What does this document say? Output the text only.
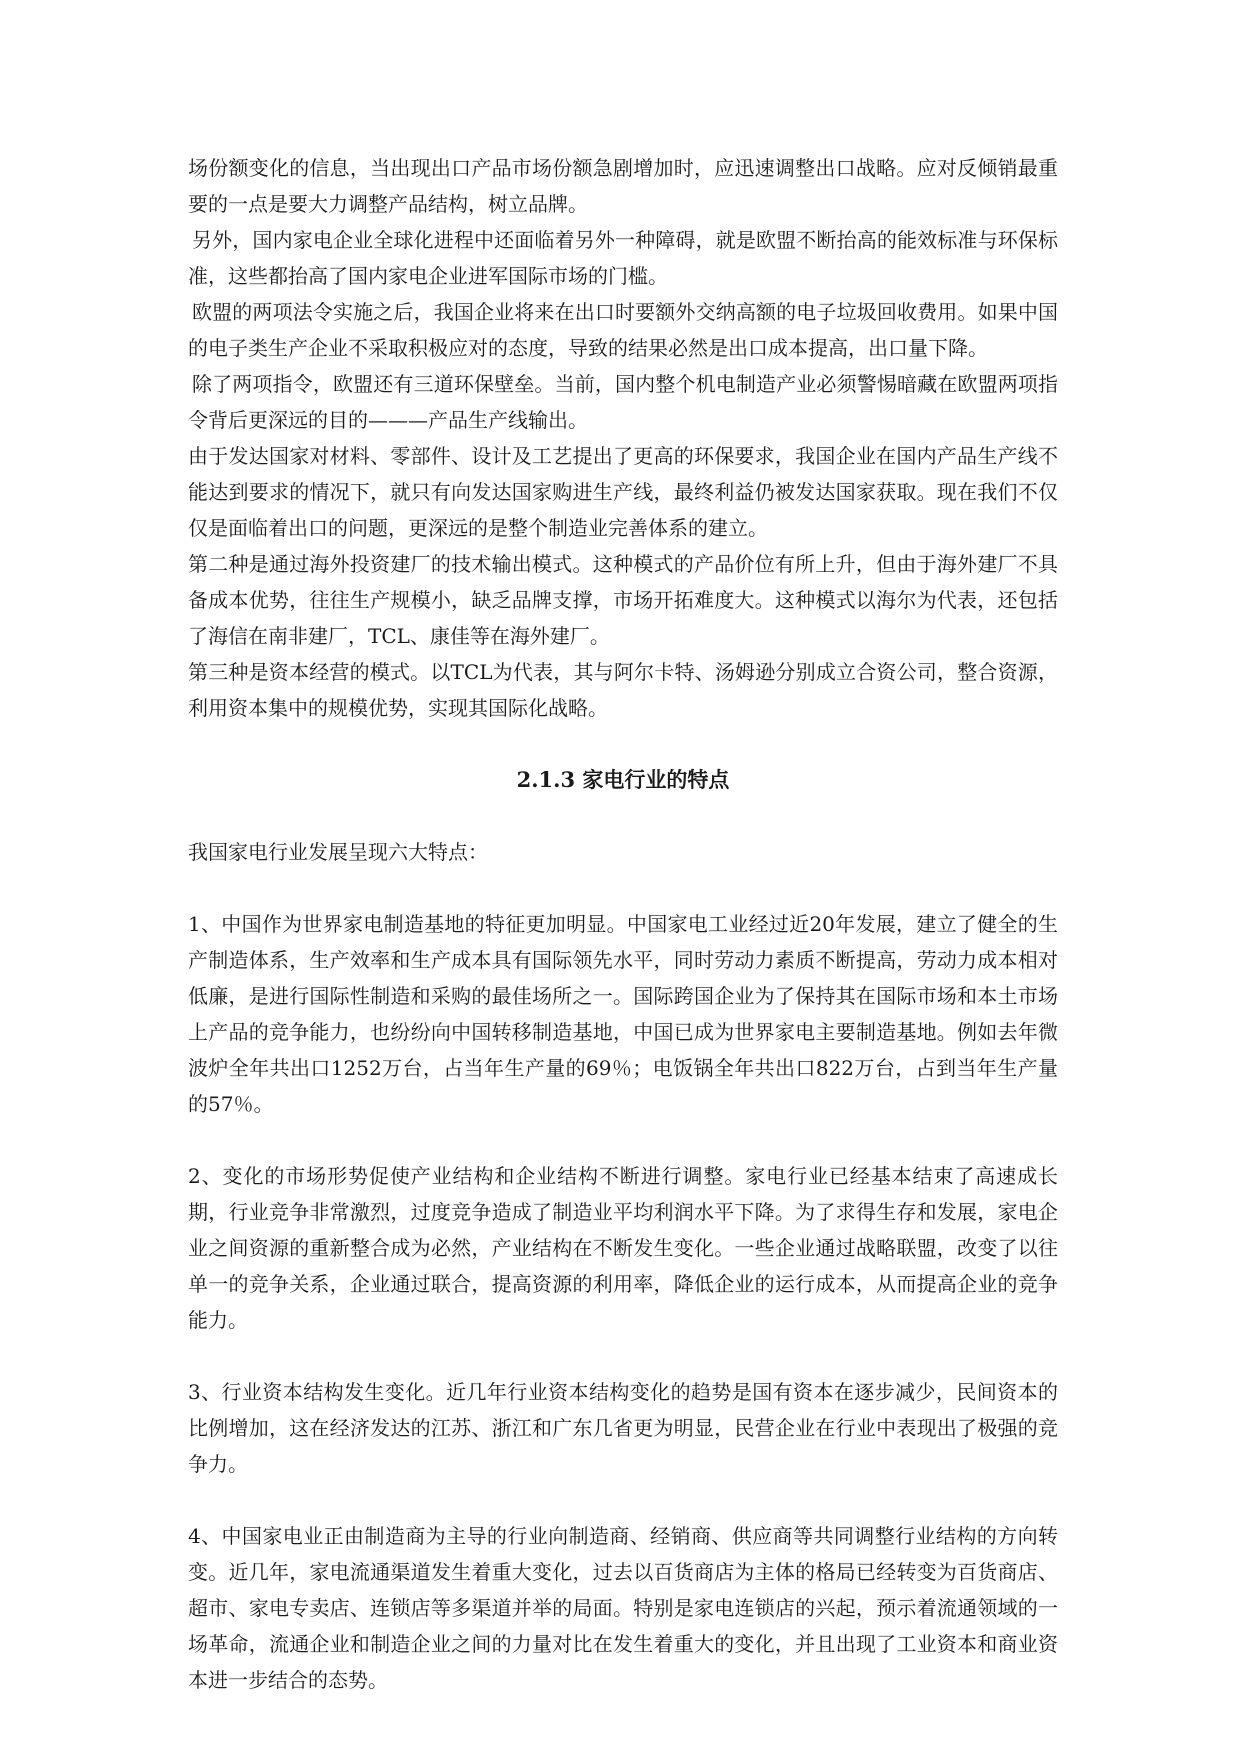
场份额变化的信息，当出现出口产品市场份额急剧增加时，应迅速调整出口战略。应对反倾销最重要的一点是要大力调整产品结构，树立品牌。

另外，国内家电企业全球化进程中还面临着另外一种障碍，就是欧盟不断抬高的能效标准与环保标准，这些都抬高了国内家电企业进军国际市场的门槛。

欧盟的两项法令实施之后，我国企业将来在出口时要额外交纳高额的电子垃圾回收费用。如果中国的电子类生产企业不采取积极应对的态度，导致的结果必然是出口成本提高，出口量下降。

除了两项指令，欧盟还有三道环保壁垒。当前，国内整个机电制造产业必须警惕暗藏在欧盟两项指令背后更深远的目的———产品生产线输出。

由于发达国家对材料、零部件、设计及工艺提出了更高的环保要求，我国企业在国内产品生产线不能达到要求的情况下，就只有向发达国家购进生产线，最终利益仍被发达国家获取。现在我们不仅仅是面临着出口的问题，更深远的是整个制造业完善体系的建立。

第二种是通过海外投资建厂的技术输出模式。这种模式的产品价位有所上升，但由于海外建厂不具备成本优势，往往生产规模小，缺乏品牌支撑，市场开拓难度大。这种模式以海尔为代表，还包括了海信在南非建厂，TCL、康佳等在海外建厂。

第三种是资本经营的模式。以TCL为代表，其与阿尔卡特、汤姆逊分别成立合资公司，整合资源，利用资本集中的规模优势，实现其国际化战略。

2.1.3 家电行业的特点

我国家电行业发展呈现六大特点：

1、中国作为世界家电制造基地的特征更加明显。中国家电工业经过近20年发展，建立了健全的生产制造体系，生产效率和生产成本具有国际领先水平，同时劳动力素质不断提高，劳动力成本相对低廉，是进行国际性制造和采购的最佳场所之一。国际跨国企业为了保持其在国际市场和本土市场上产品的竞争能力，也纷纷向中国转移制造基地，中国已成为世界家电主要制造基地。例如去年微波炉全年共出口1252万台，占当年生产量的69％；电饭锅全年共出口822万台，占到当年生产量的57％。

2、变化的市场形势促使产业结构和企业结构不断进行调整。家电行业已经基本结束了高速成长期，行业竞争非常激烈，过度竞争造成了制造业平均利润水平下降。为了求得生存和发展，家电企业之间资源的重新整合成为必然，产业结构在不断发生变化。一些企业通过战略联盟，改变了以往单一的竞争关系，企业通过联合，提高资源的利用率，降低企业的运行成本，从而提高企业的竞争能力。

3、行业资本结构发生变化。近几年行业资本结构变化的趋势是国有资本在逐步减少，民间资本的比例增加，这在经济发达的江苏、浙江和广东几省更为明显，民营企业在行业中表现出了极强的竞争力。

4、中国家电业正由制造商为主导的行业向制造商、经销商、供应商等共同调整行业结构的方向转变。近几年，家电流通渠道发生着重大变化，过去以百货商店为主体的格局已经转变为百货商店、超市、家电专卖店、连锁店等多渠道并举的局面。特别是家电连锁店的兴起，预示着流通领域的一场革命，流通企业和制造企业之间的力量对比在发生着重大的变化，并且出现了工业资本和商业资本进一步结合的态势。
